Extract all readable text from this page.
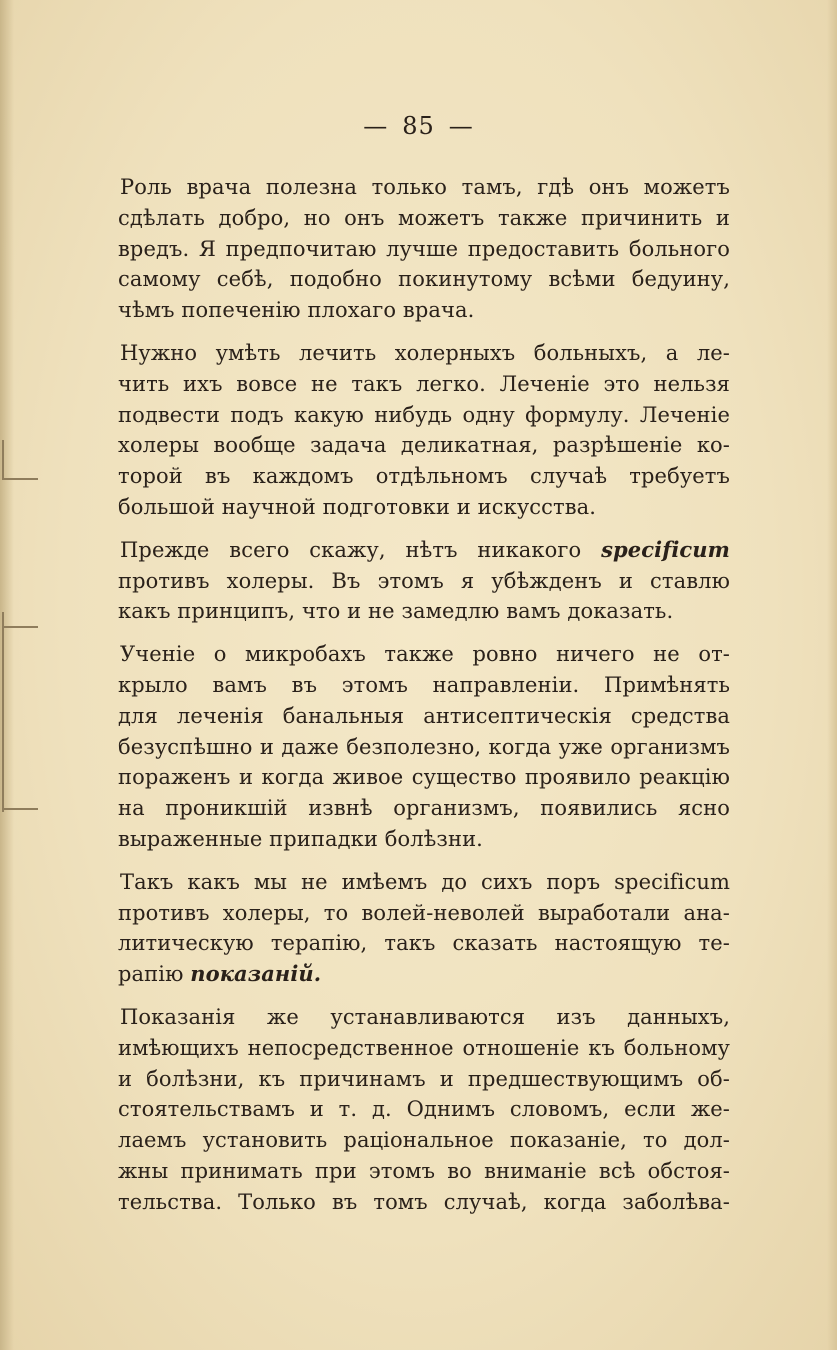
— 85 —

Роль врача полезна только тамъ, гдѣ онъ можетъ
сдѣлать добро, но онъ можетъ также причинить и
вредъ. Я предпочитаю лучше предоставить больного
самому себѣ, подобно покинутому всѣми бедуину,
чѣмъ попеченію плохаго врача.

Нужно умѣть лечить холерныхъ больныхъ, а ле-
чить ихъ вовсе не такъ легко. Леченіе это нельзя
подвести подъ какую нибудь одну формулу. Леченіе
холеры вообще задача деликатная, разрѣшеніе ко-
торой въ каждомъ отдѣльномъ случаѣ требуетъ
большой научной подготовки и искусства.

Прежде всего скажу, нѣтъ никакого specificum
противъ холеры. Въ этомъ я убѣжденъ и ставлю
какъ принципъ, что и не замедлю вамъ доказать.

Ученіе о микробахъ также ровно ничего не от-
крыло вамъ въ этомъ направленіи. Примѣнять
для леченія банальныя антисептическія средства
безуспѣшно и даже безполезно, когда уже организмъ
пораженъ и когда живое существо проявило реакцію
на проникшій извнѣ организмъ, появились ясно
выраженные припадки болѣзни.

Такъ какъ мы не имѣемъ до сихъ поръ specificum
противъ холеры, то волей-неволей выработали ана-
литическую терапію, такъ сказать настоящую те-
рапію показаній.

Показанія же устанавливаются изъ данныхъ,
имѣющихъ непосредственное отношеніе къ больному
и болѣзни, къ причинамъ и предшествующимъ об-
стоятельствамъ и т. д. Однимъ словомъ, если же-
лаемъ установить раціональное показаніе, то дол-
жны принимать при этомъ во вниманіе всѣ обстоя-
тельства. Только въ томъ случаѣ, когда заболѣва-
